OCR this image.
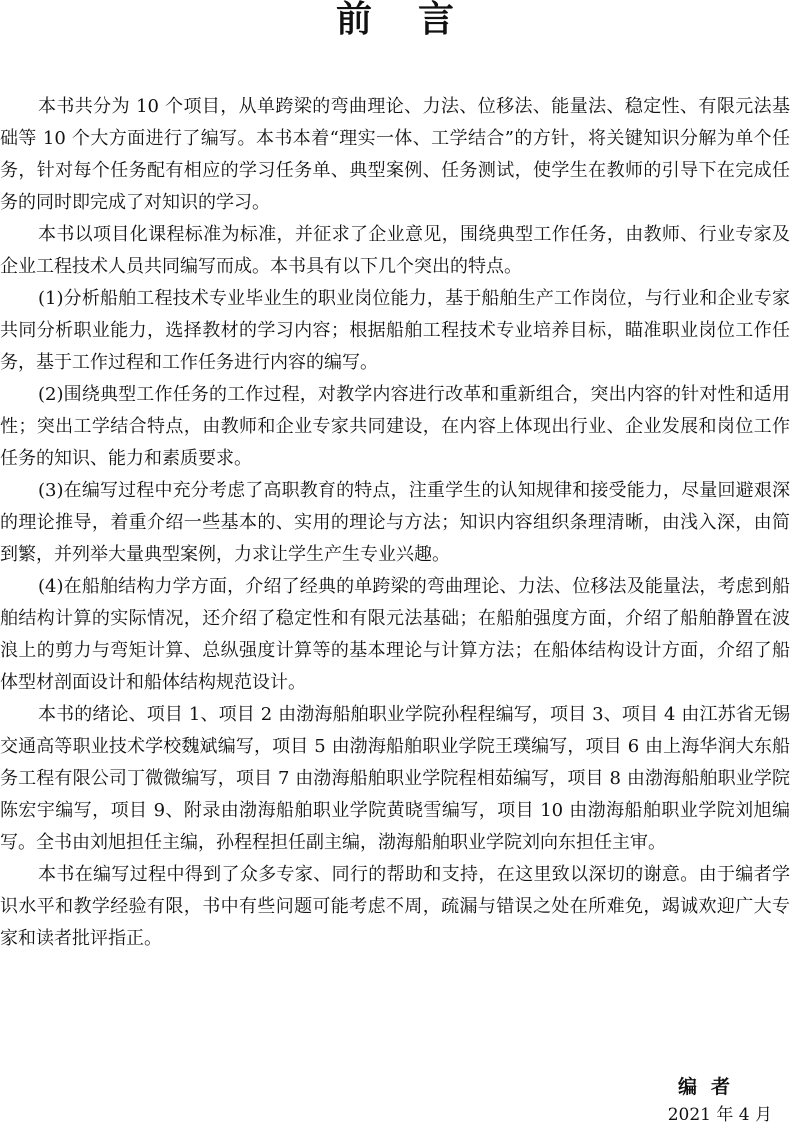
前言

本书共分为 10 个项目，从单跨梁的弯曲理论、力法、位移法、能量法、稳定性、有限元法基础等 10 个大方面进行了编写。本书本着“理实一体、工学结合”的方针，将关键知识分解为单个任务，针对每个任务配有相应的学习任务单、典型案例、任务测试，使学生在教师的引导下在完成任务的同时即完成了对知识的学习。

本书以项目化课程标准为标准，并征求了企业意见，围绕典型工作任务，由教师、行业专家及企业工程技术人员共同编写而成。本书具有以下几个突出的特点。

(1)分析船舶工程技术专业毕业生的职业岗位能力，基于船舶生产工作岗位，与行业和企业专家共同分析职业能力，选择教材的学习内容；根据船舶工程技术专业培养目标，瞄准职业岗位工作任务，基于工作过程和工作任务进行内容的编写。

(2)围绕典型工作任务的工作过程，对教学内容进行改革和重新组合，突出内容的针对性和适用性；突出工学结合特点，由教师和企业专家共同建设，在内容上体现出行业、企业发展和岗位工作任务的知识、能力和素质要求。

(3)在编写过程中充分考虑了高职教育的特点，注重学生的认知规律和接受能力，尽量回避艰深的理论推导，着重介绍一些基本的、实用的理论与方法；知识内容组织条理清晰，由浅入深，由简到繁，并列举大量典型案例，力求让学生产生专业兴趣。

(4)在船舶结构力学方面，介绍了经典的单跨梁的弯曲理论、力法、位移法及能量法，考虑到船舶结构计算的实际情况，还介绍了稳定性和有限元法基础；在船舶强度方面，介绍了船舶静置在波浪上的剪力与弯矩计算、总纵强度计算等的基本理论与计算方法；在船体结构设计方面，介绍了船体型材剖面设计和船体结构规范设计。

本书的绪论、项目 1、项目 2 由渤海船舶职业学院孙程程编写，项目 3、项目 4 由江苏省无锡交通高等职业技术学校魏斌编写，项目 5 由渤海船舶职业学院王璞编写，项目 6 由上海华润大东船务工程有限公司丁微微编写，项目 7 由渤海船舶职业学院程相茹编写，项目 8 由渤海船舶职业学院陈宏宇编写，项目 9、附录由渤海船舶职业学院黄晓雪编写，项目 10 由渤海船舶职业学院刘旭编写。全书由刘旭担任主编，孙程程担任副主编，渤海船舶职业学院刘向东担任主审。

本书在编写过程中得到了众多专家、同行的帮助和支持，在这里致以深切的谢意。由于编者学识水平和教学经验有限，书中有些问题可能考虑不周，疏漏与错误之处在所难免，竭诚欢迎广大专家和读者批评指正。

编者
2021 年 4 月
